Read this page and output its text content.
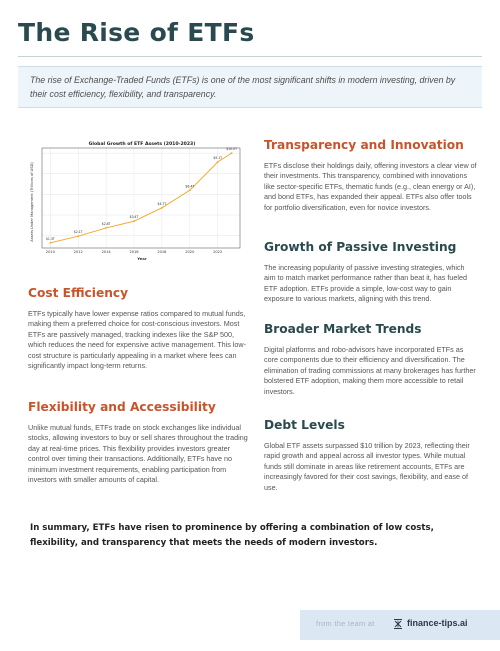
The Rise of ETFs

The rise of Exchange-Traded Funds (ETFs) is one of the most significant shifts in modern investing, driven by their cost efficiency, flexibility, and transparency.

Global Growth of ETF Assets (2010-2023)
Assets Under Management (Trillions of USD)
Year
2010	2012	2014	2016	2018	2020	2022
$1.3T
$2.1T
$2.8T
$3.4T
$4.7T
$6.4T
$9.1T
$10.0T
Cost Efficiency

ETFs typically have lower expense ratios compared to mutual funds, making them a preferred choice for cost-conscious investors. Most ETFs are passively managed, tracking indexes like the S&P 500, which reduces the need for expensive active management. This low-cost structure is particularly appealing in a market where fees can significantly impact long-term returns.

Flexibility and Accessibility

Unlike mutual funds, ETFs trade on stock exchanges like individual stocks, allowing investors to buy or sell shares throughout the trading day at real-time prices. This flexibility provides investors greater control over timing their transactions. Additionally, ETFs have no minimum investment requirements, enabling participation from investors with smaller amounts of capital.

Transparency and Innovation

ETFs disclose their holdings daily, offering investors a clear view of their investments. This transparency, combined with innovations like sector-specific ETFs, thematic funds (e.g., clean energy or AI), and bond ETFs, has expanded their appeal. ETFs also offer tools for portfolio diversification, even for novice investors.

Growth of Passive Investing

The increasing popularity of passive investing strategies, which aim to match market performance rather than beat it, has fueled ETF adoption. ETFs provide a simple, low-cost way to gain exposure to various markets, aligning with this trend.

Broader Market Trends

Digital platforms and robo-advisors have incorporated ETFs as core components due to their efficiency and diversification. The elimination of trading commissions at many brokerages has further bolstered ETF adoption, making them more accessible to retail investors.

Debt Levels

Global ETF assets surpassed $10 trillion by 2023, reflecting their rapid growth and appeal across all investor types. While mutual funds still dominate in areas like retirement accounts, ETFs are increasingly favored for their cost savings, flexibility, and ease of use.

In summary, ETFs have risen to prominence by offering a combination of low costs, flexibility, and transparency that meets the needs of modern investors.
from the team at	finance-tips.ai
